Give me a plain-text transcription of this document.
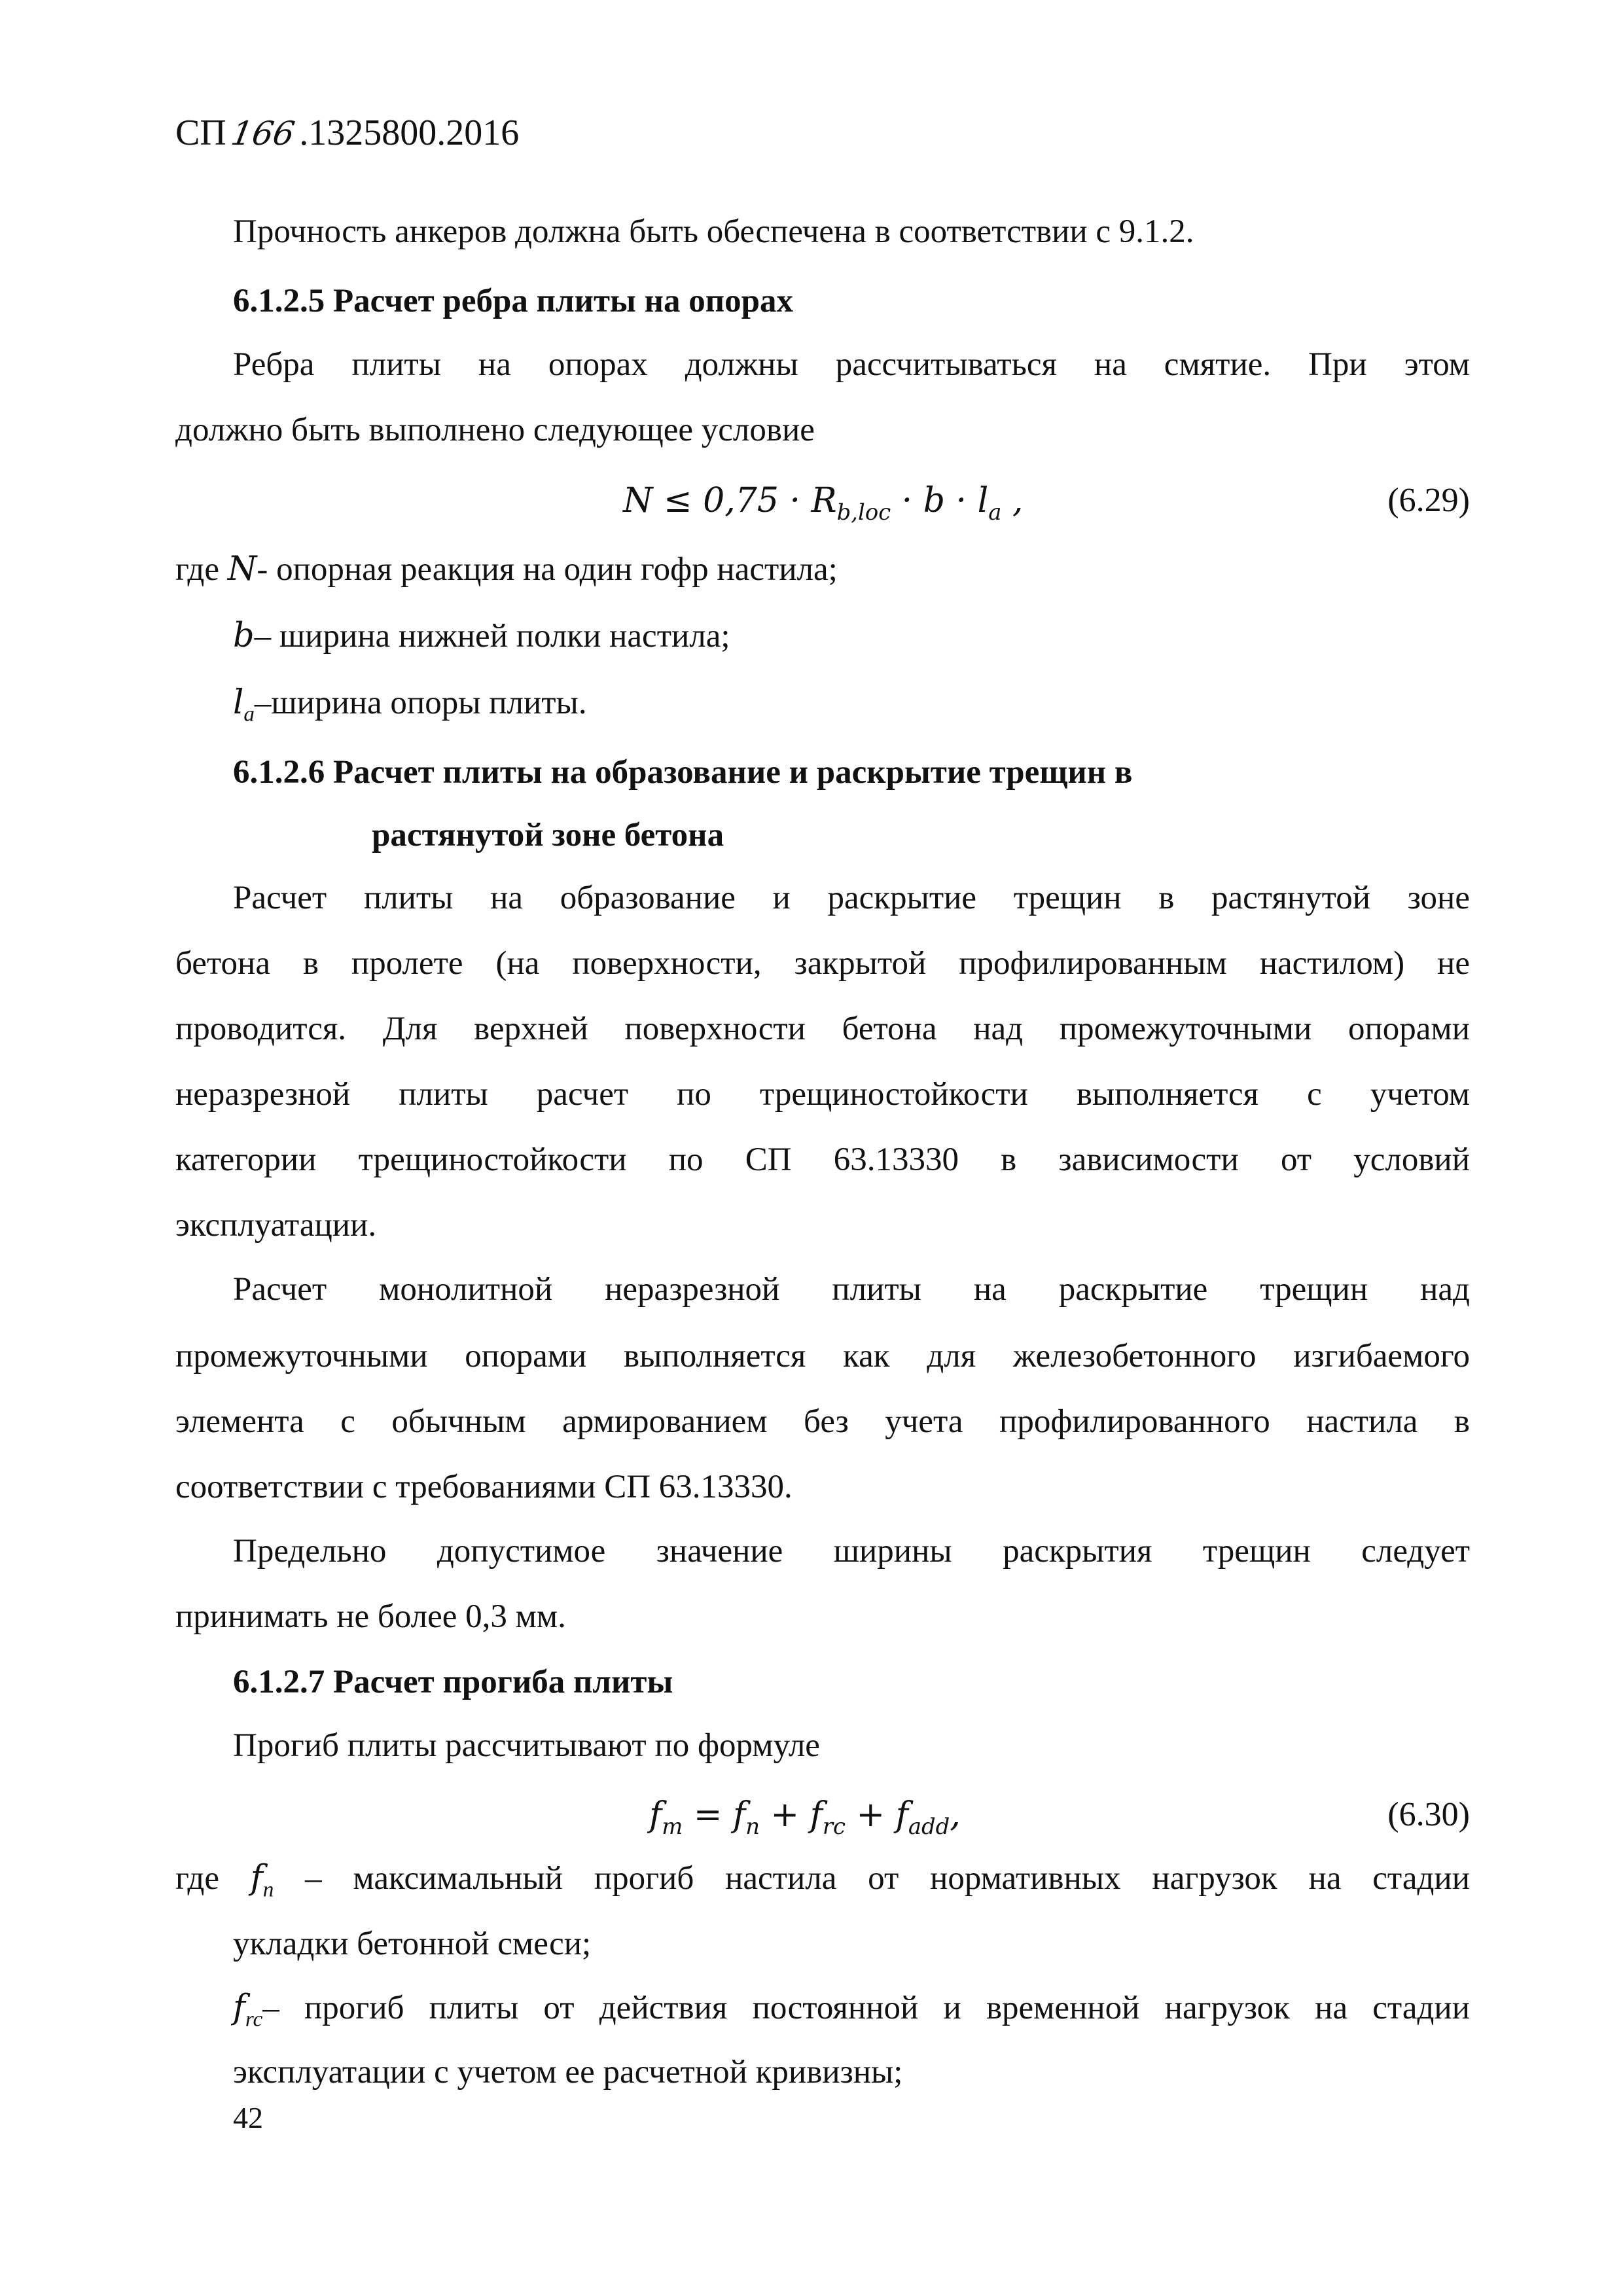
СП166.1325800.2016
Прочность анкеров должна быть обеспечена в соответствии с 9.1.2.
6.1.2.5 Расчет ребра плиты на опорах
Ребра плиты на опорах должны рассчитываться на смятие. При этом
должно быть выполнено следующее условие
$N \le 0,75 \cdot R_{b,loc} \cdot b \cdot l_a$ ,	(6.29)
где N- опорная реакция на один гофр настила;
b– ширина нижней полки настила;
$l_a$–ширина опоры плиты.
6.1.2.6 Расчет плиты на образование и раскрытие трещин в
растянутой зоне бетона
Расчет плиты на образование и раскрытие трещин в растянутой зоне
бетона в пролете (на поверхности, закрытой профилированным настилом) не
проводится. Для верхней поверхности бетона над промежуточными опорами
неразрезной плиты расчет по трещиностойкости выполняется с учетом
категории трещиностойкости по СП 63.13330 в зависимости от условий
эксплуатации.
Расчет монолитной неразрезной плиты на раскрытие трещин над
промежуточными опорами выполняется как для железобетонного изгибаемого
элемента с обычным армированием без учета профилированного настила в
соответствии с требованиями СП 63.13330.
Предельно допустимое значение ширины раскрытия трещин следует
принимать не более 0,3 мм.
6.1.2.7 Расчет прогиба плиты
Прогиб плиты рассчитывают по формуле
$f_m = f_n + f_{rc} + f_{add}$,	(6.30)
где $f_n$ – максимальный прогиб настила от нормативных нагрузок на стадии
укладки бетонной смеси;
$f_{rc}-$ прогиб плиты от действия постоянной и временной нагрузок на стадии
эксплуатации с учетом ее расчетной кривизны;
42
